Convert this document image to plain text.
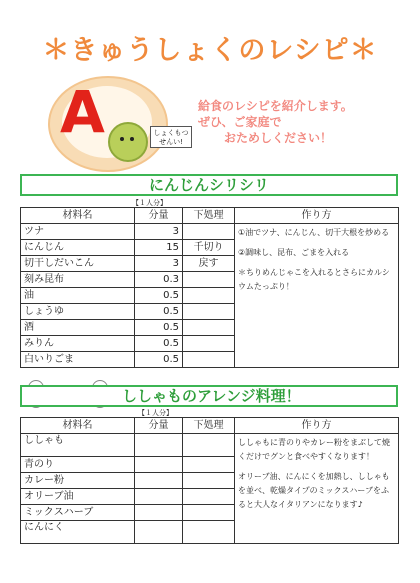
＊きゅうしょくのレシピ＊
A	しょくもつせんい!
給食のレシピを紹介します。
ぜひ、ご家庭で
おためしください！
にんじんシリシリ
【１人分】
材料名	分量	下処理	作り方
ツナ	3		①油でツナ、にんじん、切干大根を炒める
②調味し、昆布、ごまを入れる
＊ちりめんじゃこを入れるとさらにカルシウムたっぷり！

にんじん	15	千切り	
切干しだいこん	3	戻す	
刻み昆布	0.3		
油	0.5		
しょうゆ	0.5		
酒	0.5		
みりん	0.5		
白いりごま	0.5		
ししゃものアレンジ料理！
【１人分】
材料名	分量	下処理	作り方
ししゃも			ししゃもに青のりやカレー粉をまぶして焼くだけでグンと食べやすくなります！
オリーブ油、にんにくを加熱し、ししゃもを並べ、乾燥タイプのミックスハーブをふると大人なイタリアンになります♪

青のり			
カレー粉			
オリーブ油			
ミックスハーブ			
にんにく			
